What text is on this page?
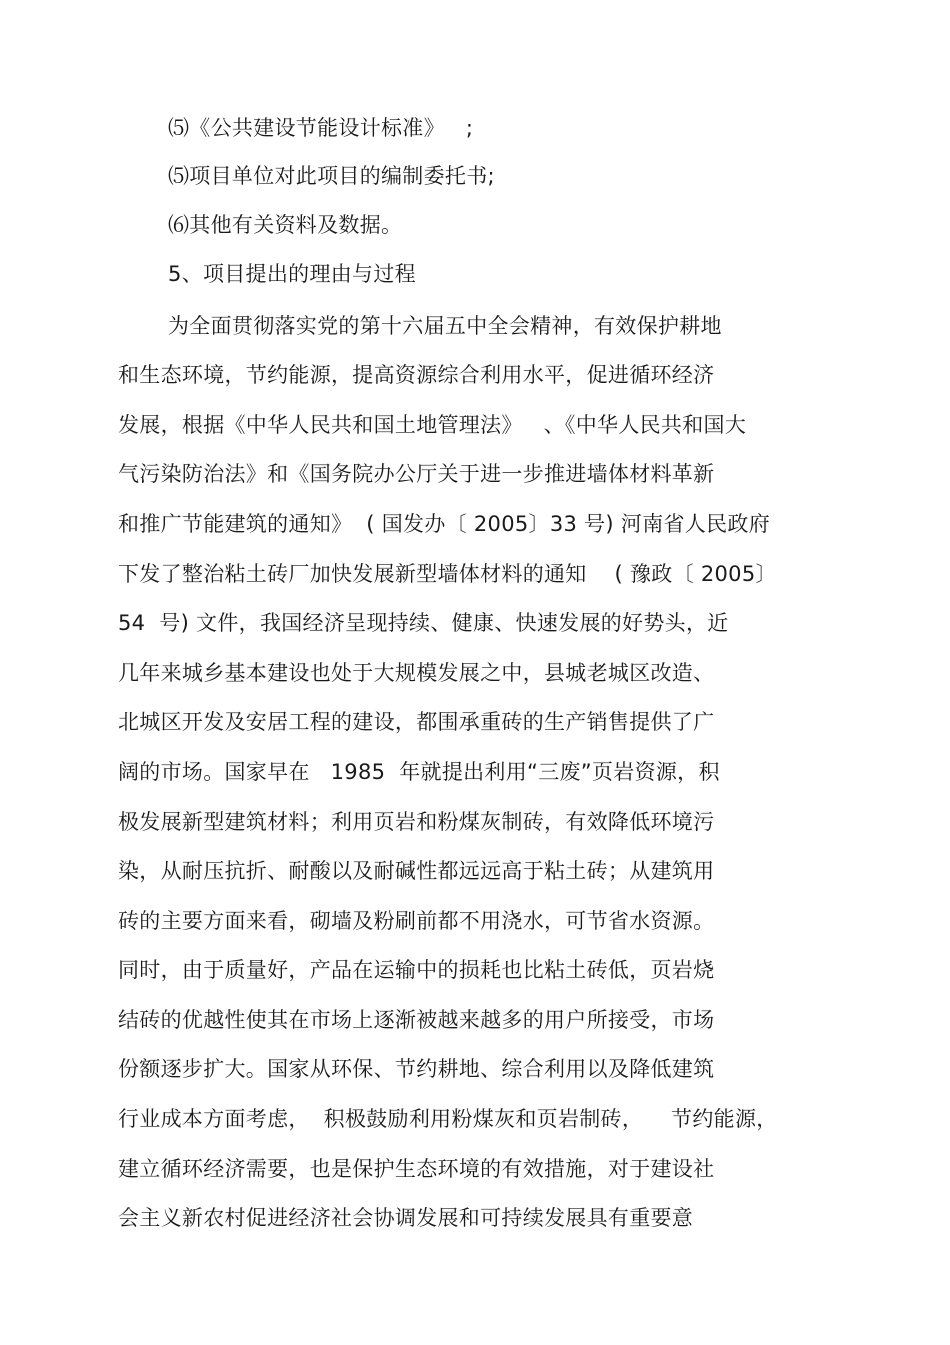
⑸《公共建设节能设计标准》   ;
⑸项目单位对此项目的编制委托书;
⑹其他有关资料及数据。
5、项目提出的理由与过程
为全面贯彻落实党的第十六届五中全会精神，有效保护耕地
和生态环境，节约能源，提高资源综合利用水平，促进循环经济
发展，根据《中华人民共和国土地管理法》   、《中华人民共和国大
气污染防治法》和《国务院办公厅关于进一步推进墙体材料革新
和推广节能建筑的通知》  ( 国发办〔 2005〕33 号) 河南省人民政府
下发了整治粘土砖厂加快发展新型墙体材料的通知    ( 豫政〔 2005〕
54  号) 文件，我国经济呈现持续、健康、快速发展的好势头，近
几年来城乡基本建设也处于大规模发展之中，县城老城区改造、
北城区开发及安居工程的建设，都围承重砖的生产销售提供了广
阔的市场。国家早在   1985  年就提出利用“三废”页岩资源，积
极发展新型建筑材料；利用页岩和粉煤灰制砖，有效降低环境污
染，从耐压抗折、耐酸以及耐碱性都远远高于粘土砖；从建筑用
砖的主要方面来看，砌墙及粉刷前都不用浇水，可节省水资源。
同时，由于质量好，产品在运输中的损耗也比粘土砖低，页岩烧
结砖的优越性使其在市场上逐渐被越来越多的用户所接受，市场
份额逐步扩大。国家从环保、节约耕地、综合利用以及降低建筑
行业成本方面考虑，  积极鼓励利用粉煤灰和页岩制砖，    节约能源，
建立循环经济需要，也是保护生态环境的有效措施，对于建设社
会主义新农村促进经济社会协调发展和可持续发展具有重要意
